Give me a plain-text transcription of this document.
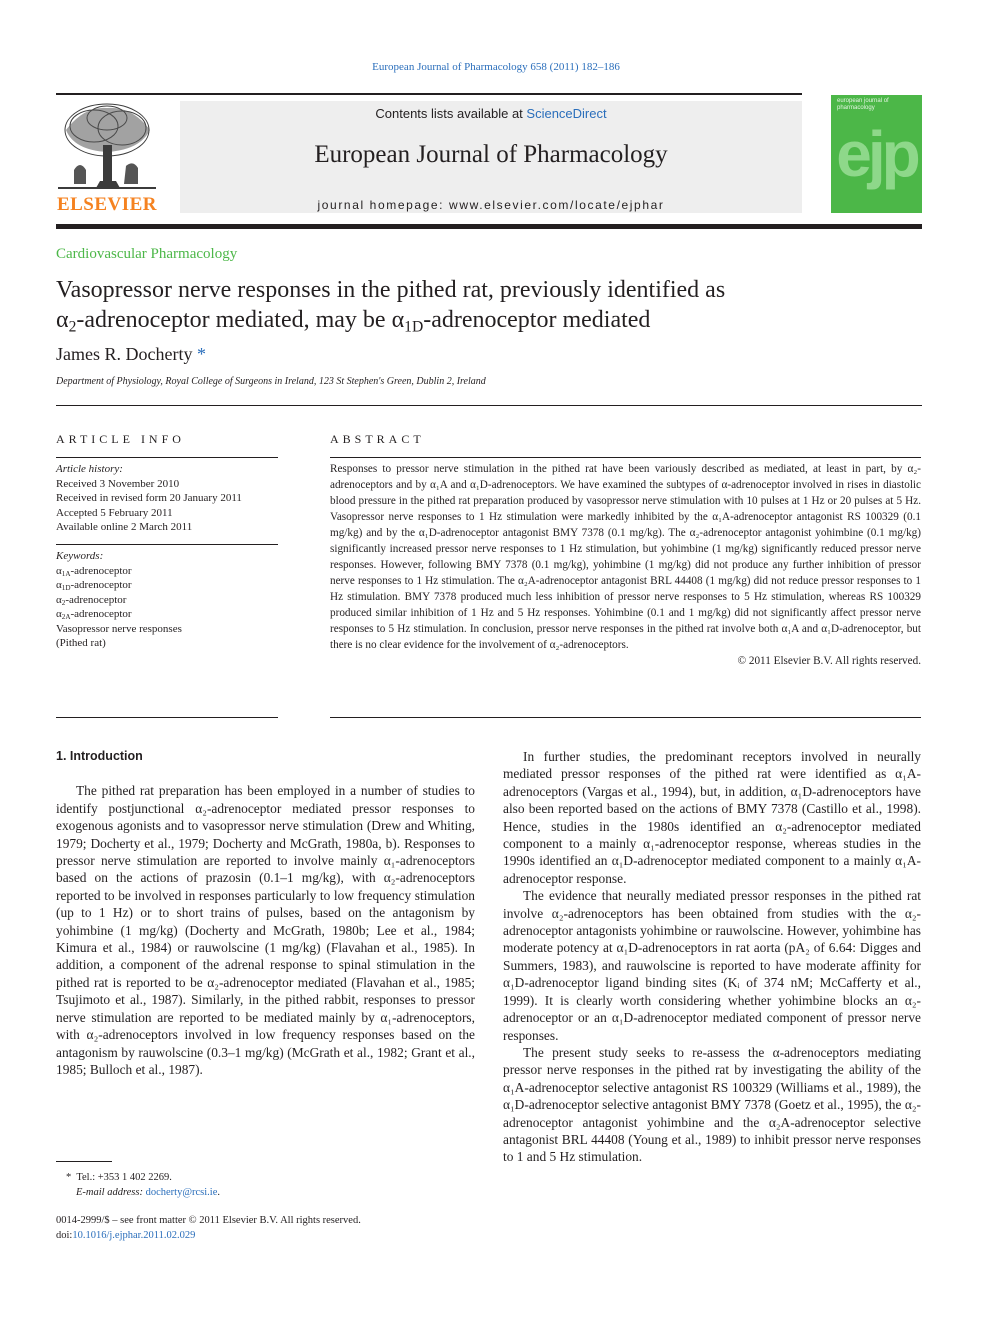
European Journal of Pharmacology 658 (2011) 182–186
ELSEVIER
Contents lists available at ScienceDirect
European Journal of Pharmacology
journal homepage: www.elsevier.com/locate/ejphar
european journal of pharmacology
ejp
Cardiovascular Pharmacology
Vasopressor nerve responses in the pithed rat, previously identified as
$\alpha_2$-adrenoceptor mediated, may be $\alpha_{1D}$-adrenoceptor mediated
James R. Docherty *
Department of Physiology, Royal College of Surgeons in Ireland, 123 St Stephen's Green, Dublin 2, Ireland
ARTICLE INFO
Article history:
Received 3 November 2010
Received in revised form 20 January 2011
Accepted 5 February 2011
Available online 2 March 2011
Keywords:
$\alpha_{1A}$-adrenoceptor
$\alpha_{1D}$-adrenoceptor
$\alpha_2$-adrenoceptor
$\alpha_{2A}$-adrenoceptor
Vasopressor nerve responses
(Pithed rat)
ABSTRACT
Responses to pressor nerve stimulation in the pithed rat have been variously described as mediated, at least in part, by α₂-adrenoceptors and by α₁A and α₁D-adrenoceptors. We have examined the subtypes of α-adrenoceptor involved in rises in diastolic blood pressure in the pithed rat preparation produced by vasopressor nerve stimulation with 10 pulses at 1 Hz or 20 pulses at 5 Hz. Vasopressor nerve responses to 1 Hz stimulation were markedly inhibited by the α₁A-adrenoceptor antagonist RS 100329 (0.1 mg/kg) and by the α₁D-adrenoceptor antagonist BMY 7378 (0.1 mg/kg). The α₂-adrenoceptor antagonist yohimbine (0.1 mg/kg) significantly increased pressor nerve responses to 1 Hz stimulation, but yohimbine (1 mg/kg) significantly reduced pressor nerve responses. However, following BMY 7378 (0.1 mg/kg), yohimbine (1 mg/kg) did not produce any further inhibition of pressor nerve responses to 1 Hz stimulation. The α₂A-adrenoceptor antagonist BRL 44408 (1 mg/kg) did not reduce pressor responses to 1 Hz stimulation. BMY 7378 produced much less inhibition of pressor nerve responses to 5 Hz stimulation, whereas RS 100329 produced similar inhibition of 1 Hz and 5 Hz responses. Yohimbine (0.1 and 1 mg/kg) did not significantly affect pressor nerve responses to 5 Hz stimulation. In conclusion, pressor nerve responses in the pithed rat involve both α₁A and α₁D-adrenoceptor, but there is no clear evidence for the involvement of α₂-adrenoceptors.
© 2011 Elsevier B.V. All rights reserved.
1. Introduction

The pithed rat preparation has been employed in a number of studies to identify postjunctional α₂-adrenoceptor mediated pressor responses to exogenous agonists and to vasopressor nerve stimulation (Drew and Whiting, 1979; Docherty et al., 1979; Docherty and McGrath, 1980a, b). Responses to pressor nerve stimulation are reported to involve mainly α₁-adrenoceptors based on the actions of prazosin (0.1–1 mg/kg), with α₂-adrenoceptors reported to be involved in responses particularly to low frequency stimulation (up to 1 Hz) or to short trains of pulses, based on the antagonism by yohimbine (1 mg/kg) (Docherty and McGrath, 1980b; Lee et al., 1984; Kimura et al., 1984) or rauwolscine (1 mg/kg) (Flavahan et al., 1985). In addition, a component of the adrenal response to spinal stimulation in the pithed rat is reported to be α₂-adrenoceptor mediated (Flavahan et al., 1985; Tsujimoto et al., 1987). Similarly, in the pithed rabbit, responses to pressor nerve stimulation are reported to be mediated mainly by α₁-adrenoceptors, with α₂-adrenoceptors involved in low frequency responses based on the antagonism by rauwolscine (0.3–1 mg/kg) (McGrath et al., 1982; Grant et al., 1985; Bulloch et al., 1987).

In further studies, the predominant receptors involved in neurally mediated pressor responses of the pithed rat were identified as α₁A-adrenoceptors (Vargas et al., 1994), but, in addition, α₁D-adrenoceptors have also been reported based on the actions of BMY 7378 (Castillo et al., 1998). Hence, studies in the 1980s identified an α₂-adrenoceptor mediated component to a mainly α₁-adrenoceptor response, whereas studies in the 1990s identified an α₁D-adrenoceptor mediated component to a mainly α₁A-adrenoceptor response.

The evidence that neurally mediated pressor responses in the pithed rat involve α₂-adrenoceptors has been obtained from studies with the α₂-adrenoceptor antagonists yohimbine or rauwolscine. However, yohimbine has moderate potency at α₁D-adrenoceptors in rat aorta (pA₂ of 6.64: Digges and Summers, 1983), and rauwolscine is reported to have moderate affinity for α₁D-adrenoceptor ligand binding sites (Kᵢ of 374 nM; McCafferty et al., 1999). It is clearly worth considering whether yohimbine blocks an α₂-adrenoceptor or an α₁D-adrenoceptor mediated component of pressor nerve responses.

The present study seeks to re-assess the α-adrenoceptors mediating pressor nerve responses in the pithed rat by investigating the ability of the α₁A-adrenoceptor selective antagonist RS 100329 (Williams et al., 1989), the α₁D-adrenoceptor selective antagonist BMY 7378 (Goetz et al., 1995), the α₂-adrenoceptor antagonist yohimbine and the α₂A-adrenoceptor selective antagonist BRL 44408 (Young et al., 1989) to inhibit pressor nerve responses to 1 and 5 Hz stimulation.

* Tel.: +353 1 402 2269.
E-mail address: docherty@rcsi.ie.
0014-2999/$ – see front matter © 2011 Elsevier B.V. All rights reserved.
doi:10.1016/j.ejphar.2011.02.029
